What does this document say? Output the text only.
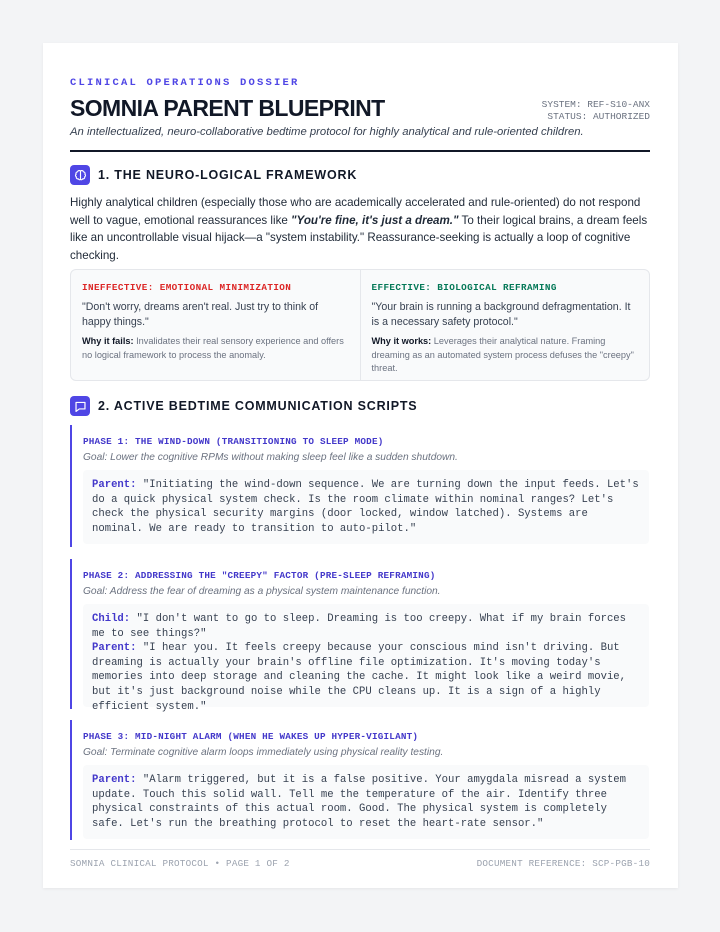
CLINICAL OPERATIONS DOSSIER
SOMNIA PARENT BLUEPRINT	SYSTEM: REF-S10-ANX
STATUS: AUTHORIZED
An intellectualized, neuro-collaborative bedtime protocol for highly analytical and rule-oriented children.
1. THE NEURO-LOGICAL FRAMEWORK
Highly analytical children (especially those who are academically accelerated and rule-oriented) do not respond well to vague, emotional reassurances like "You're fine, it's just a dream." To their logical brains, a dream feels like an uncontrollable visual hijack—a "system instability." Reassurance-seeking is actually a loop of cognitive checking.
INEFFECTIVE: EMOTIONAL MINIMIZATION
"Don't worry, dreams aren't real. Just try to think of happy things."
Why it fails: Invalidates their real sensory experience and offers no logical framework to process the anomaly.
EFFECTIVE: BIOLOGICAL REFRAMING
"Your brain is running a background defragmentation. It is a necessary safety protocol."
Why it works: Leverages their analytical nature. Framing dreaming as an automated system process defuses the "creepy" threat.
2. ACTIVE BEDTIME COMMUNICATION SCRIPTS
PHASE 1: THE WIND-DOWN (TRANSITIONING TO SLEEP MODE)
Goal: Lower the cognitive RPMs without making sleep feel like a sudden shutdown.
Parent: "Initiating the wind-down sequence. We are turning down the input feeds. Let's do a quick physical system check. Is the room climate within nominal ranges? Let's check the physical security margins (door locked, window latched). Systems are nominal. We are ready to transition to auto-pilot."
PHASE 2: ADDRESSING THE "CREEPY" FACTOR (PRE-SLEEP REFRAMING)
Goal: Address the fear of dreaming as a physical system maintenance function.
Child: "I don't want to go to sleep. Dreaming is too creepy. What if my brain forces me to see things?"
Parent: "I hear you. It feels creepy because your conscious mind isn't driving. But dreaming is actually your brain's offline file optimization. It's moving today's memories into deep storage and cleaning the cache. It might look like a weird movie, but it's just background noise while the CPU cleans up. It is a sign of a highly efficient system."
PHASE 3: MID-NIGHT ALARM (WHEN HE WAKES UP HYPER-VIGILANT)
Goal: Terminate cognitive alarm loops immediately using physical reality testing.
Parent: "Alarm triggered, but it is a false positive. Your amygdala misread a system update. Touch this solid wall. Tell me the temperature of the air. Identify three physical constraints of this actual room. Good. The physical system is completely safe. Let's run the breathing protocol to reset the heart-rate sensor."
SOMNIA CLINICAL PROTOCOL • PAGE 1 OF 2	DOCUMENT REFERENCE: SCP-PGB-10
